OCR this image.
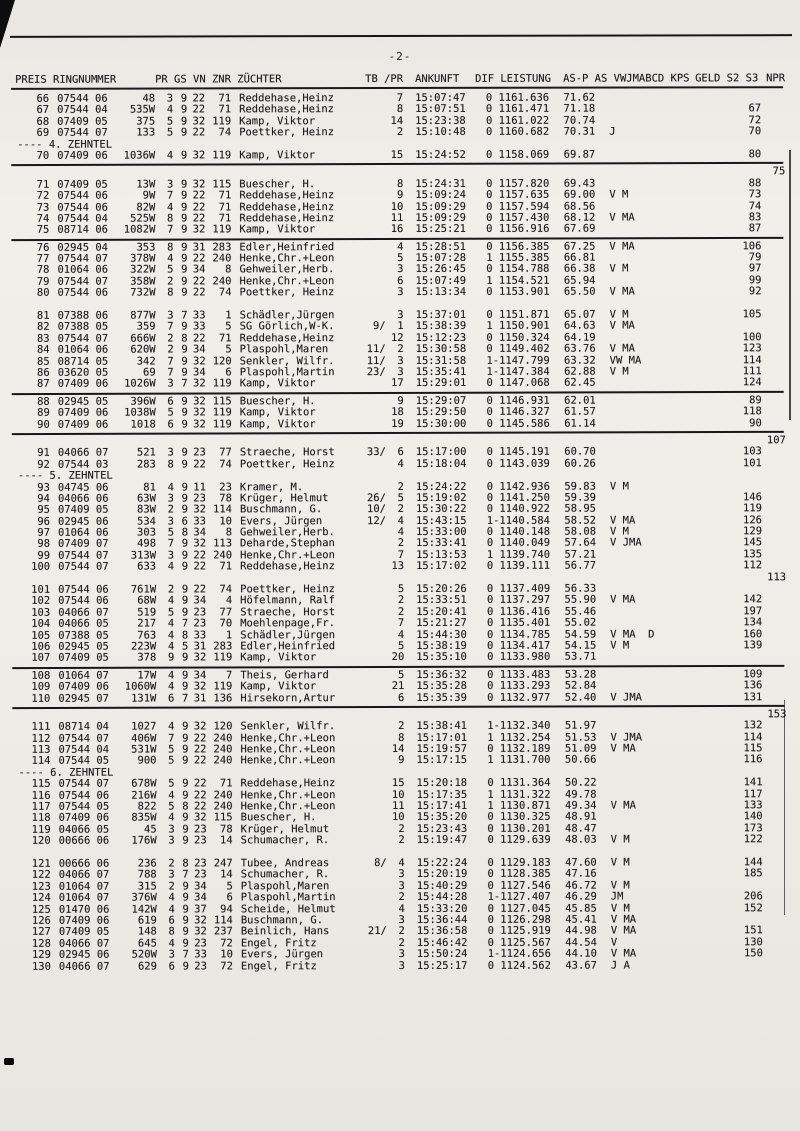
-2-
PREIS RINGNUMMER	PR GS VN ZNR ZÜCHTER	TB /PR ANKUNFT	DIF LEISTUNG AS-P AS VWJMABCD KPS GELD S2 S3 NPR
66 07544 06	48	3 9 22	71 Reddehase,Heinz	7 15:07:47	0 1161.636	71.62
67 07544 04	535W	4 9 22	71 Reddehase,Heinz	8 15:07:51	0 1161.471	71.18	67
68 07409 05	375	5 9 32 119 Kamp, Viktor	14 15:23:38	0 1161.022	70.74	72
69 07544 07	133	5 9 22	74 Poettker, Heinz	2 15:10:48	0 1160.682	70.31 J	70
---- 4. ZEHNTEL
70 07409 06	1036W	4 9 32 119 Kamp, Viktor	15 15:24:52	0 1158.069	69.87	80
75
71 07409 05	13W	3 9 32 115 Buescher, H.	8 15:24:31	0 1157.820	69.43	88
72 07544 06	9W	7 9 22	71 Reddehase,Heinz	9 15:09:24	0 1157.635	69.00 V M	73
73 07544 06	82W	4 9 22	71 Reddehase,Heinz	10 15:09:29	0 1157.594	68.56	74
74 07544 04	525W	8 9 22	71 Reddehase,Heinz	11 15:09:29	0 1157.430	68.12 V MA	83
75 08714 06	1082W	7 9 32 119 Kamp, Viktor	16 15:25:21	0 1156.916	67.69	87
76 02945 04	353	8 9 31 283 Edler,Heinfried	4 15:28:51	0 1156.385	67.25 V MA	106
77 07544 07	378W	4 9 22 240 Henke,Chr.+Leon	5 15:07:28	1 1155.385	66.81	79
78 01064 06	322W	5 9 34	8 Gehweiler,Herb.	3 15:26:45	0 1154.788	66.38 V M	97
79 07544 07	358W	2 9 22 240 Henke,Chr.+Leon	6 15:07:49	1 1154.521	65.94	99
80 07544 06	732W	8 9 22	74 Poettker, Heinz	3 15:13:34	0 1153.901	65.50 V MA	92
81 07388 06	877W	3 7 33	1 Schädler,Jürgen	3 15:37:01	0 1151.871	65.07 V M	105
82 07388 05	359	7 9 33	5 SG Görlich,W-K.	9/	1 15:38:39	1 1150.901	64.63 V MA
83 07544 07	666W	2 8 22	71 Reddehase,Heinz	12 15:12:23	0 1150.324	64.19	100
84 01064 06	620W	2 9 34	5 Plaspohl,Maren	11/	2 15:30:58	0 1149.402	63.76 V MA	123
85 08714 05	342	7 9 32 120 Senkler, Wilfr.	11/	3 15:31:58	1-1147.799	63.32 VW MA	114
86 03620 05	69	7 9 34	6 Plaspohl,Martin	23/	3 15:35:41	1-1147.384	62.88 V M	111
87 07409 06	1026W	3 7 32 119 Kamp, Viktor	17 15:29:01	0 1147.068	62.45	124
88 02945 05	396W	6 9 32 115 Buescher, H.	9 15:29:07	0 1146.931	62.01	89
89 07409 06	1038W	5 9 32 119 Kamp, Viktor	18 15:29:50	0 1146.327	61.57	118
90 07409 06	1018	6 9 32 119 Kamp, Viktor	19 15:30:00	0 1145.586	61.14	90
107
91 04066 07	521	3 9 23	77 Straeche, Horst	33/	6 15:17:00	0 1145.191	60.70	103
92 07544 03	283	8 9 22	74 Poettker, Heinz	4 15:18:04	0 1143.039	60.26	101
---- 5. ZEHNTEL
93 04745 06	81	4 9 11	23 Kramer, M.	2 15:24:22	0 1142.936	59.83 V M
94 04066 06	63W	3 9 23	78 Krüger, Helmut	26/	5 15:19:02	0 1141.250	59.39	146
95 07409 05	83W	2 9 32 114 Buschmann, G.	10/	2 15:30:22	0 1140.922	58.95	119
96 02945 06	534	3 6 33	10 Evers, Jürgen	12/	4 15:43:15	1-1140.584	58.52 V MA	126
97 01064 06	303	5 8 34	8 Gehweiler,Herb.	4 15:33:00	0 1140.148	58.08 V M	129
98 07409 07	498	7 9 32 113 Deharde,Stephan	2 15:33:41	0 1140.049	57.64 V JMA	145
99 07544 07	313W	3 9 22 240 Henke,Chr.+Leon	7 15:13:53	1 1139.740	57.21	135
100 07544 07	633	4 9 22	71 Reddehase,Heinz	13 15:17:02	0 1139.111	56.77	112
113
101 07544 06	761W	2 9 22	74 Poettker, Heinz	5 15:20:26	0 1137.409	56.33
102 07544 06	68W	4 9 34	4 Höfelmann, Ralf	2 15:33:51	0 1137.297	55.90 V MA	142
103 04066 07	519	5 9 23	77 Straeche, Horst	2 15:20:41	0 1136.416	55.46	197
104 04066 05	217	4 7 23	70 Moehlenpage,Fr.	7 15:21:27	0 1135.401	55.02	134
105 07388 05	763	4 8 33	1 Schädler,Jürgen	4 15:44:30	0 1134.785	54.59 V MA  D	160
106 02945 05	223W	4 5 31 283 Edler,Heinfried	5 15:38:19	0 1134.417	54.15 V M	139
107 07409 05	378	9 9 32 119 Kamp, Viktor	20 15:35:10	0 1133.980	53.71
108 01064 07	17W	4 9 34	7 Theis, Gerhard	5 15:36:32	0 1133.483	53.28	109
109 07409 06	1060W	4 9 32 119 Kamp, Viktor	21 15:35:28	0 1133.293	52.84	136
110 02945 07	131W	6 7 31 136 Hirsekorn,Artur	6 15:35:39	0 1132.977	52.40 V JMA	131
153
111 08714 04	1027	4 9 32 120 Senkler, Wilfr.	2 15:38:41	1-1132.340	51.97	132
112 07544 07	406W	7 9 22 240 Henke,Chr.+Leon	8 15:17:01	1 1132.254	51.53 V JMA	114
113 07544 04	531W	5 9 22 240 Henke,Chr.+Leon	14 15:19:57	0 1132.189	51.09 V MA	115
114 07544 05	900	5 9 22 240 Henke,Chr.+Leon	9 15:17:15	1 1131.700	50.66	116
---- 6. ZEHNTEL
115 07544 07	678W	5 9 22	71 Reddehase,Heinz	15 15:20:18	0 1131.364	50.22	141
116 07544 06	216W	4 9 22 240 Henke,Chr.+Leon	10 15:17:35	1 1131.322	49.78	117
117 07544 05	822	5 8 22 240 Henke,Chr.+Leon	11 15:17:41	1 1130.871	49.34 V MA	133
118 07409 06	835W	4 9 32 115 Buescher, H.	10 15:35:20	0 1130.325	48.91	140
119 04066 05	45	3 9 23	78 Krüger, Helmut	2 15:23:43	0 1130.201	48.47	173
120 00666 06	176W	3 9 23	14 Schumacher, R.	2 15:19:47	0 1129.639	48.03 V M	122
121 00666 06	236	2 8 23 247 Tubee, Andreas	8/	4 15:22:24	0 1129.183	47.60 V M	144
122 04066 07	788	3 7 23	14 Schumacher, R.	3 15:20:19	0 1128.385	47.16	185
123 01064 07	315	2 9 34	5 Plaspohl,Maren	3 15:40:29	0 1127.546	46.72 V M
124 01064 07	376W	4 9 34	6 Plaspohl,Martin	2 15:44:28	1-1127.407	46.29 JM	206
125 01470 06	142W	4 9 37	94 Scheide, Helmut	4 15:33:20	0 1127.045	45.85 V M	152
126 07409 06	619	6 9 32 114 Buschmann, G.	3 15:36:44	0 1126.298	45.41 V MA
127 07409 05	148	8 9 32 237 Beinlich, Hans	21/	2 15:36:58	0 1125.919	44.98 V MA	151
128 04066 07	645	4 9 23	72 Engel, Fritz	2 15:46:42	0 1125.567	44.54 V	130
129 02945 06	520W	3 7 33	10 Evers, Jürgen	3 15:50:24	1-1124.656	44.10 V MA	150
130 04066 07	629	6 9 23	72 Engel, Fritz	3 15:25:17	0 1124.562	43.67 J A
